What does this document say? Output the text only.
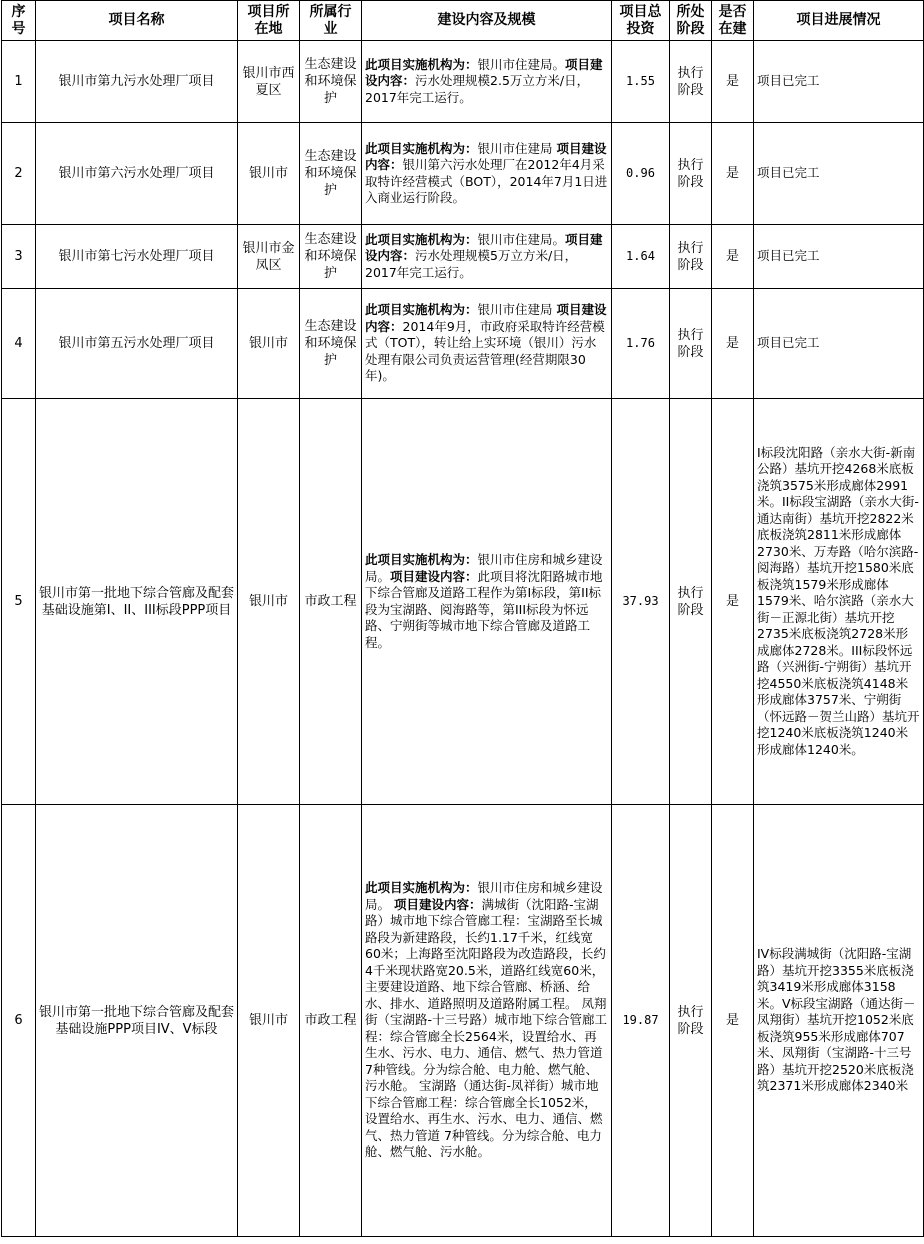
序号	项目名称	项目所在地	所属行业	建设内容及规模	项目总投资	所处阶段	是否在建	项目进展情况
1	银川市第九污水处理厂项目	银川市西夏区	生态建设和环境保护	此项目实施机构为：银川市住建局。项目建设内容：污水处理规模2.5万立方米/日，2017年完工运行。	1.55	执行阶段	是	项目已完工
2	银川市第六污水处理厂项目	银川市	生态建设和环境保护	此项目实施机构为：银川市住建局 项目建设内容：银川第六污水处理厂在2012年4月采取特许经营模式（BOT），2014年7月1日进入商业运行阶段。	0.96	执行阶段	是	项目已完工
3	银川市第七污水处理厂项目	银川市金凤区	生态建设和环境保护	此项目实施机构为：银川市住建局。项目建设内容：污水处理规模5万立方米/日，2017年完工运行。	1.64	执行阶段	是	项目已完工
4	银川市第五污水处理厂项目	银川市	生态建设和环境保护	此项目实施机构为：银川市住建局 项目建设内容：2014年9月，市政府采取特许经营模式（TOT），转让给上实环境（银川）污水处理有限公司负责运营管理(经营期限30年)。	1.76	执行阶段	是	项目已完工
5	银川市第一批地下综合管廊及配套基础设施第I、II、III标段PPP项目	银川市	市政工程	此项目实施机构为：银川市住房和城乡建设局。项目建设内容：此项目将沈阳路城市地下综合管廊及道路工程作为第I标段，第II标段为宝湖路、阅海路等，第III标段为怀远路、宁朔街等城市地下综合管廊及道路工程。	37.93	执行阶段	是	I标段沈阳路（亲水大街-新南公路）基坑开挖4268米底板浇筑3575米形成廊体2991米。II标段宝湖路（亲水大街-通达南街）基坑开挖2822米底板浇筑2811米形成廊体2730米、万寿路（哈尔滨路-阅海路）基坑开挖1580米底板浇筑1579米形成廊体1579米、哈尔滨路（亲水大街－正源北街）基坑开挖2735米底板浇筑2728米形成廊体2728米。III标段怀远路（兴洲街-宁朔街）基坑开挖4550米底板浇筑4148米形成廊体3757米、宁朔街（怀远路－贺兰山路）基坑开挖1240米底板浇筑1240米形成廊体1240米。
6	银川市第一批地下综合管廊及配套基础设施PPP项目IV、V标段	银川市	市政工程	此项目实施机构为：银川市住房和城乡建设局。 项目建设内容：满城街（沈阳路-宝湖路）城市地下综合管廊工程：宝湖路至长城路段为新建路段，长约1.17千米，红线宽60米；上海路至沈阳路段为改造路段，长约4千米现状路宽20.5米，道路红线宽60米，主要建设道路、地下综合管廊、桥涵、给水、排水、道路照明及道路附属工程。 凤翔街（宝湖路-十三号路）城市地下综合管廊工程：综合管廊全长2564米，设置给水、再生水、污水、电力、通信、燃气、热力管道 7种管线。分为综合舱、电力舱、燃气舱、污水舱。 宝湖路（通达街-凤祥街）城市地下综合管廊工程：综合管廊全长1052米，设置给水、再生水、污水、电力、通信、燃气、热力管道 7种管线。分为综合舱、电力舱、燃气舱、污水舱。	19.87	执行阶段	是	IV标段满城街（沈阳路-宝湖路）基坑开挖3355米底板浇筑3419米形成廊体3158米。V标段宝湖路（通达街－凤翔街）基坑开挖1052米底板浇筑955米形成廊体707米、凤翔街（宝湖路-十三号路）基坑开挖2520米底板浇筑2371米形成廊体2340米
